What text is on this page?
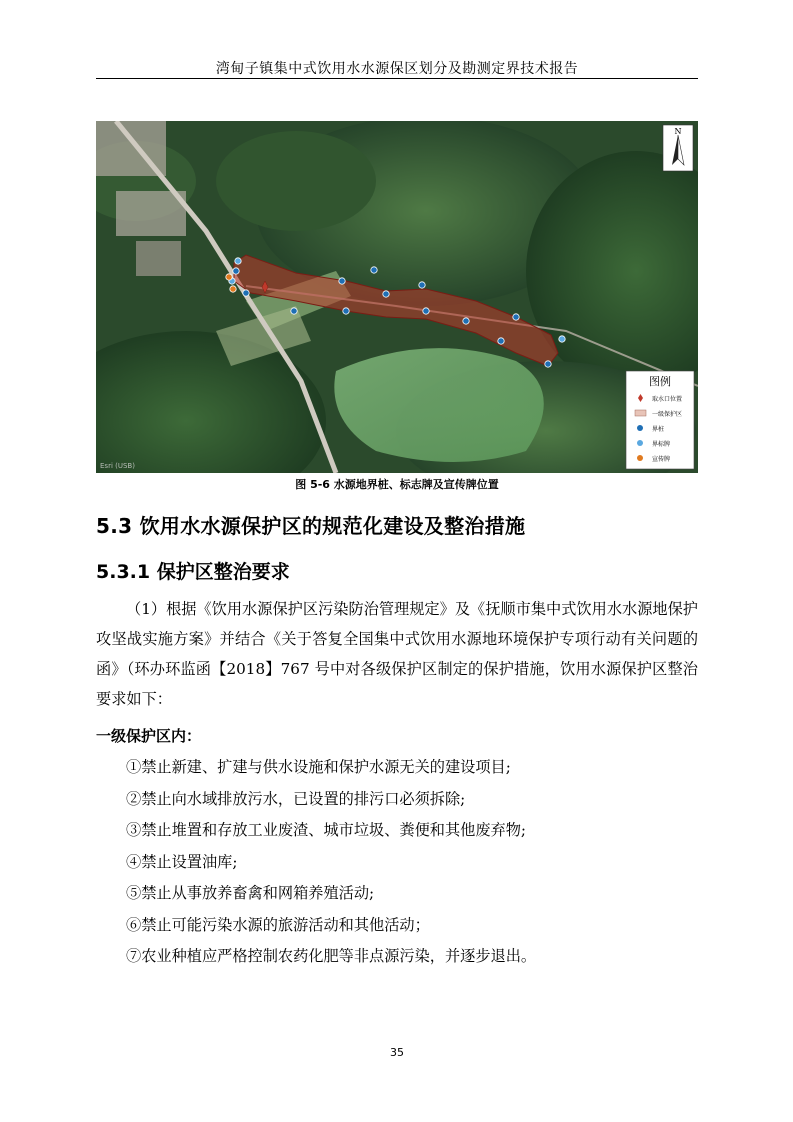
湾甸子镇集中式饮用水水源保区划分及勘测定界技术报告
N
Esri (USB)
图例
取水口位置
一级保护区
界桩
界标牌
宣传牌
图 5-6 水源地界桩、标志牌及宣传牌位置
5.3 饮用水水源保护区的规范化建设及整治措施
5.3.1 保护区整治要求
（1）根据《饮用水源保护区污染防治管理规定》及《抚顺市集中式饮用水水源地保护攻坚战实施方案》并结合《关于答复全国集中式饮用水源地环境保护专项行动有关问题的函》（环办环监函【2018】767 号中对各级保护区制定的保护措施，饮用水源保护区整治要求如下：
一级保护区内：
①禁止新建、扩建与供水设施和保护水源无关的建设项目;
②禁止向水域排放污水，已设置的排污口必须拆除;
③禁止堆置和存放工业废渣、城市垃圾、粪便和其他废弃物;
④禁止设置油库;
⑤禁止从事放养畜禽和网箱养殖活动;
⑥禁止可能污染水源的旅游活动和其他活动；
⑦农业种植应严格控制农药化肥等非点源污染，并逐步退出。
35
